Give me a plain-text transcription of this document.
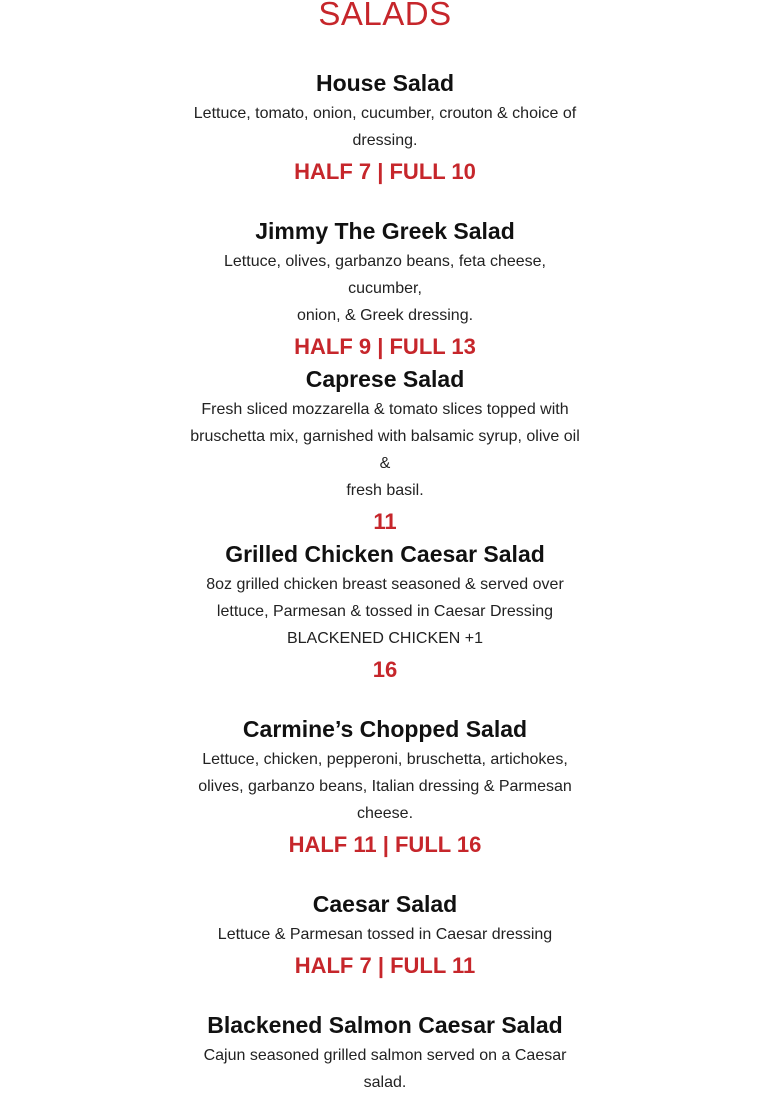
SALADS
House Salad

Lettuce, tomato, onion, cucumber, crouton & choice of
dressing.

HALF 7 | FULL 10

Jimmy The Greek Salad

Lettuce, olives, garbanzo beans, feta cheese, cucumber,
onion, & Greek dressing.

HALF 9 | FULL 13

Caprese Salad

Fresh sliced mozzarella & tomato slices topped with
bruschetta mix, garnished with balsamic syrup, olive oil &
fresh basil.

11

Grilled Chicken Caesar Salad

8oz grilled chicken breast seasoned & served over
lettuce, Parmesan & tossed in Caesar Dressing
BLACKENED CHICKEN +1

16

Carmine’s Chopped Salad

Lettuce, chicken, pepperoni, bruschetta, artichokes,
olives, garbanzo beans, Italian dressing & Parmesan
cheese.

HALF 11 | FULL 16

Caesar Salad

Lettuce & Parmesan tossed in Caesar dressing

HALF 7 | FULL 11

Blackened Salmon Caesar Salad

Cajun seasoned grilled salmon served on a Caesar
salad.
